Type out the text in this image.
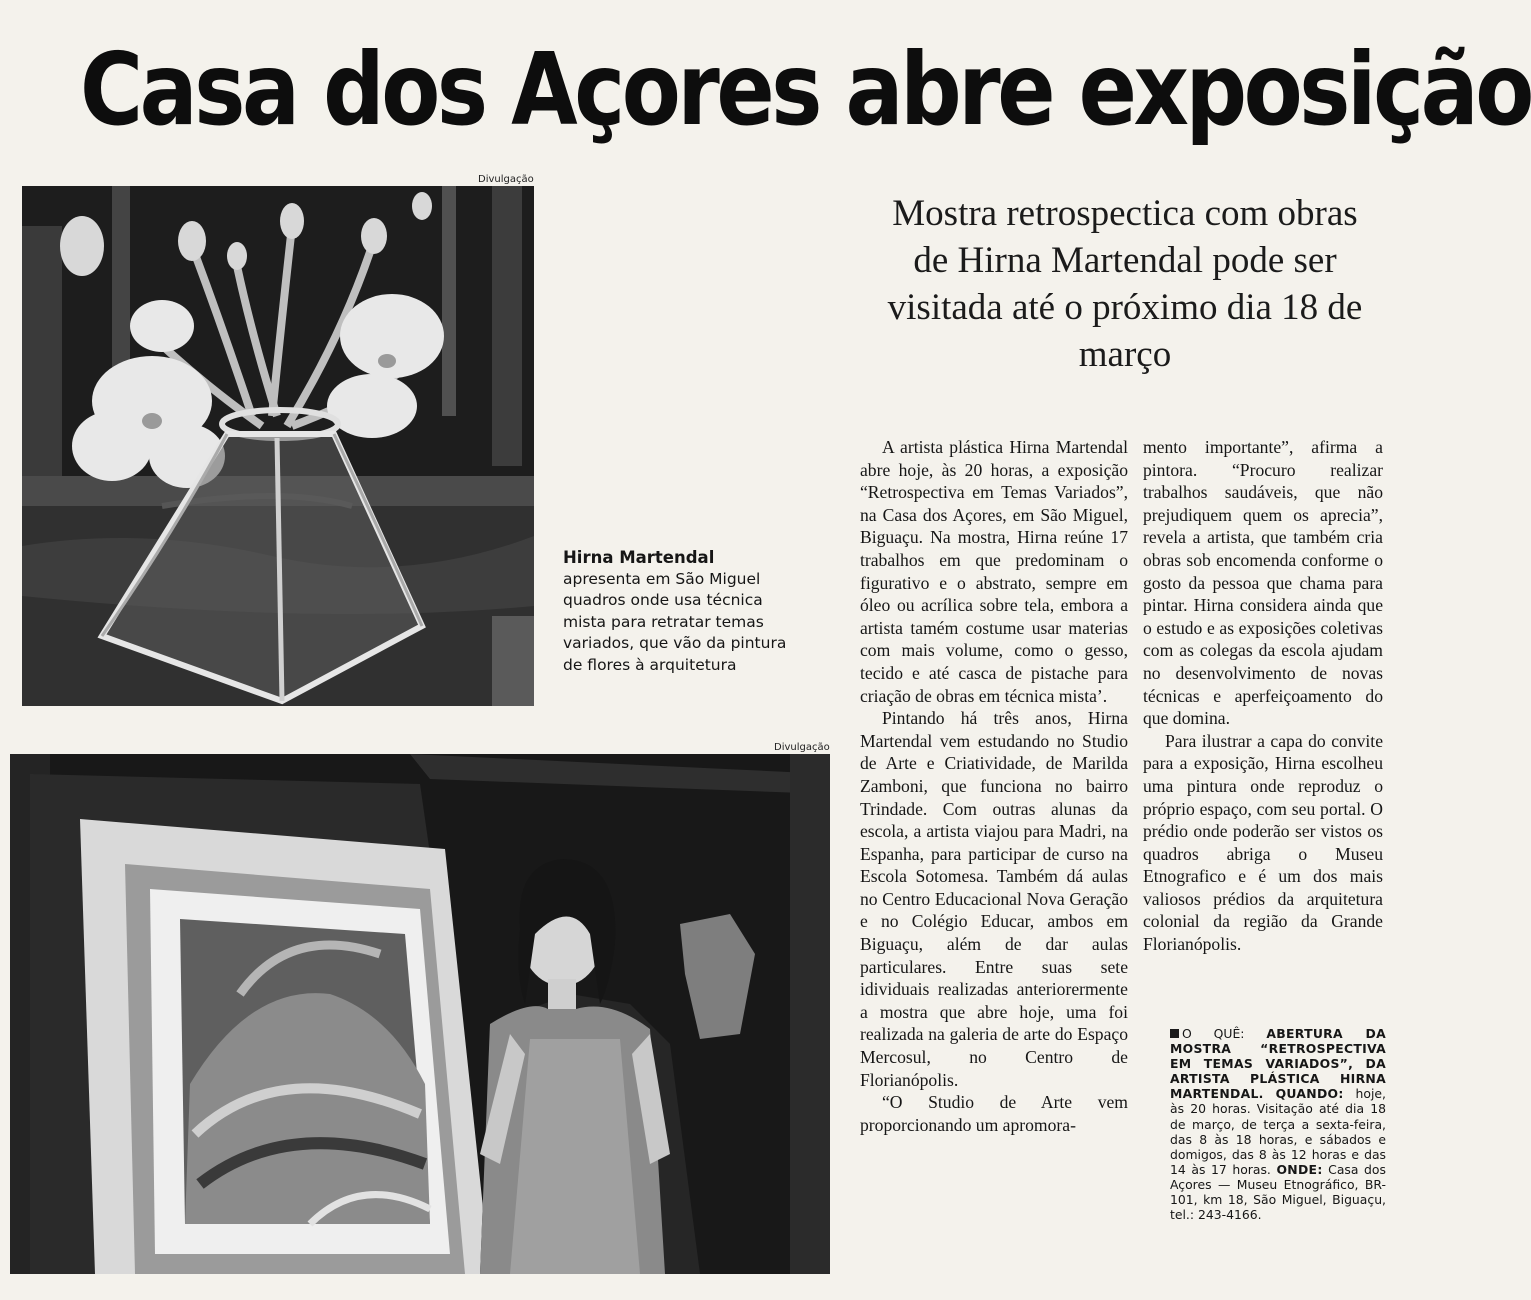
Casa dos Açores abre exposição
Divulgação
Mostra retrospectica com obras de Hirna Martendal pode ser visitada até o próximo dia 18 de março
Hirna Martendal
apresenta em São Miguel quadros onde usa técnica mista para retratar temas variados, que vão da pintura de flores à arquitetura
Divulgação

A artista plástica Hirna Martendal abre hoje, às 20 horas, a exposição “Retrospectiva em Temas Variados”, na Casa dos Açores, em São Miguel, Biguaçu. Na mostra, Hirna reúne 17 trabalhos em que predominam o figurativo e o abstrato, sempre em óleo ou acrílica sobre tela, embora a artista tamém costume usar materias com mais volume, como o gesso, tecido e até casca de pistache para criação de obras em técnica mista’.

Pintando há três anos, Hirna Martendal vem estudando no Studio de Arte e Criatividade, de Marilda Zamboni, que funciona no bairro Trindade. Com outras alunas da escola, a artista viajou para Madri, na Espanha, para participar de curso na Escola Sotomesa. Também dá aulas no Centro Educacional Nova Geração e no Colégio Educar, ambos em Biguaçu, além de dar aulas particulares. Entre suas sete idividuais realizadas anteriorermente a mostra que abre hoje, uma foi realizada na galeria de arte do Espaço Mercosul, no Centro de Florianópolis.

“O Studio de Arte vem proporcionando um apromora-

mento importante”, afirma a pintora. “Procuro realizar trabalhos saudáveis, que não prejudiquem quem os aprecia”, revela a artista, que também cria obras sob encomenda conforme o gosto da pessoa que chama para pintar. Hirna considera ainda que o estudo e as exposições coletivas com as colegas da escola ajudam no desenvolvimento de novas técnicas e aperfeiçoamento do que domina.

Para ilustrar a capa do convite para a exposição, Hirna escolheu uma pintura onde reproduz o próprio espaço, com seu portal. O prédio onde poderão ser vistos os quadros abriga o Museu Etnografico e é um dos mais valiosos prédios da arquitetura colonial da região da Grande Florianópolis.

O QUÊ: ABERTURA DA MOSTRA “RETROSPECTIVA EM TEMAS VARIADOS”, DA ARTISTA PLÁSTICA HIRNA MARTENDAL. QUANDO: hoje, às 20 horas. Visitação até dia 18 de março, de terça a sexta-feira, das 8 às 18 horas, e sábados e domigos, das 8 às 12 horas e das 14 às 17 horas. ONDE: Casa dos Açores — Museu Etnográfico, BR-101, km 18, São Miguel, Biguaçu, tel.: 243-4166.
